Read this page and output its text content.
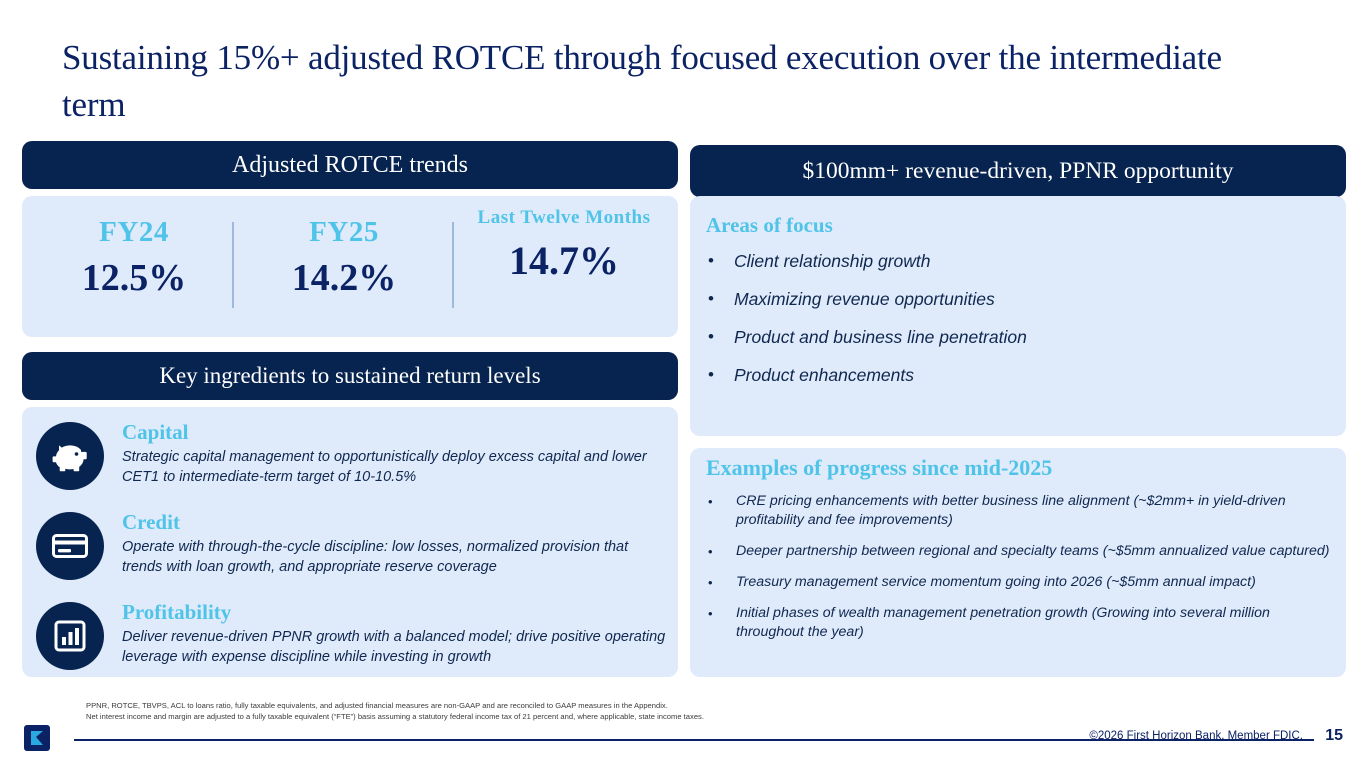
Sustaining 15%+ adjusted ROTCE through focused execution over the intermediate term
Adjusted ROTCE trends
FY24
12.5%
FY25
14.2%
Last Twelve Months
14.7%
Key ingredients to sustained return levels
Capital
Strategic capital management to opportunistically deploy excess capital and lower CET1 to intermediate-term target of 10-10.5%
Credit
Operate with through-the-cycle discipline: low losses, normalized provision that trends with loan growth, and appropriate reserve coverage
Profitability
Deliver revenue-driven PPNR growth with a balanced model; drive positive operating leverage with expense discipline while investing in growth
$100mm+ revenue-driven, PPNR opportunity
Areas of focus
•	Client relationship growth
•	Maximizing revenue opportunities
•	Product and business line penetration
•	Product enhancements
Examples of progress since mid-2025
•	CRE pricing enhancements with better business line alignment (~$2mm+ in yield-driven profitability and fee improvements)
•	Deeper partnership between regional and specialty teams (~$5mm annualized value captured)
•	Treasury management service momentum going into 2026 (~$5mm annual impact)
•	Initial phases of wealth management penetration growth (Growing into several million throughout the year)
PPNR, ROTCE, TBVPS, ACL to loans ratio, fully taxable equivalents, and adjusted financial measures are non-GAAP and are reconciled to GAAP measures in the Appendix.
Net interest income and margin are adjusted to a fully taxable equivalent (“FTE”) basis assuming a statutory federal income tax of 21 percent and, where applicable, state income taxes.
©2026 First Horizon Bank. Member FDIC. 15
